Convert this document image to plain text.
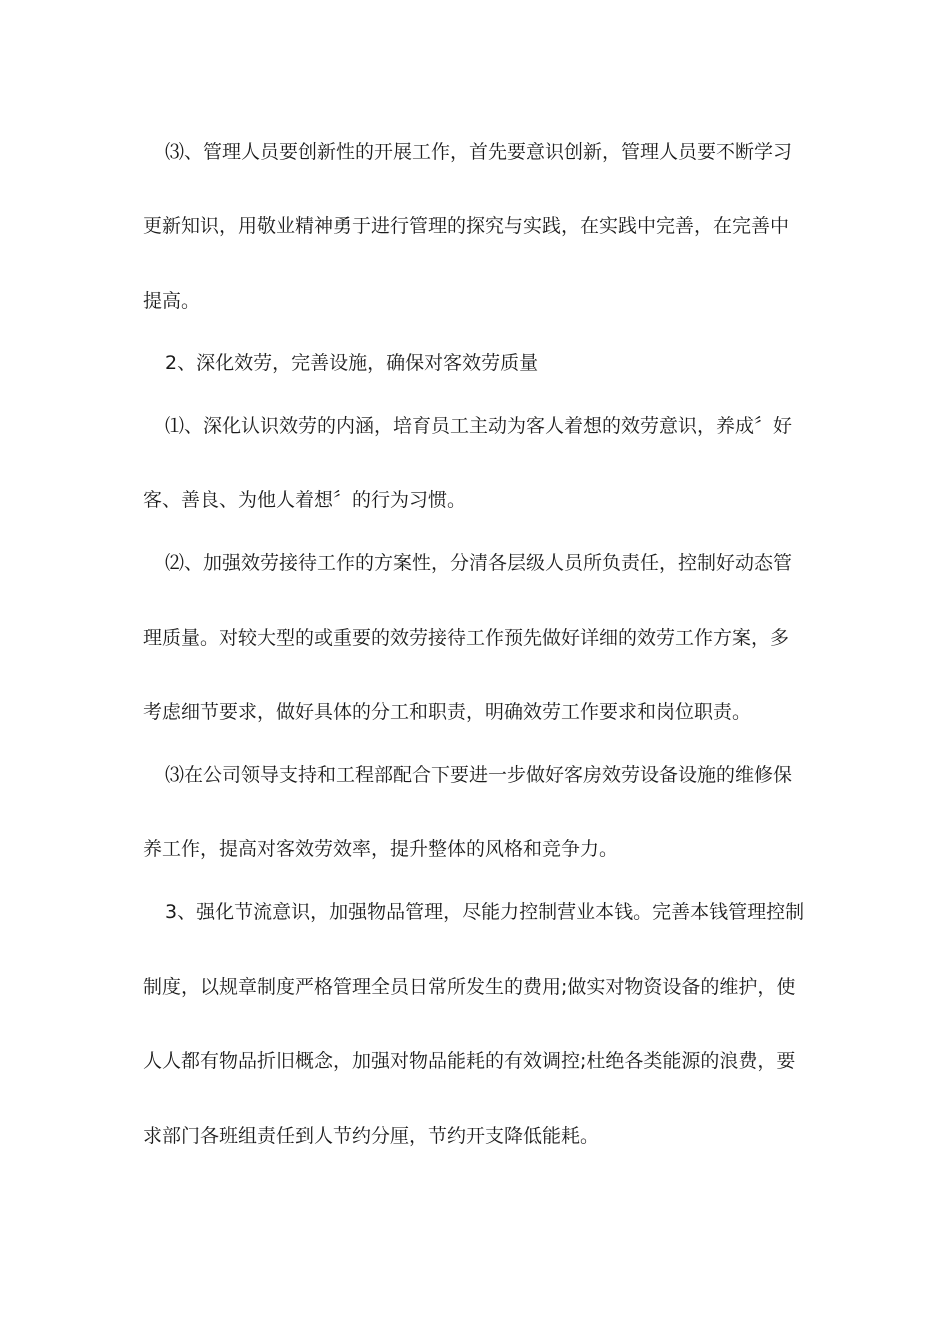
⑶、管理人员要创新性的开展工作，首先要意识创新，管理人员要不断学习
更新知识，用敬业精神勇于进行管理的探究与实践，在实践中完善，在完善中
提高。
2、深化效劳，完善设施，确保对客效劳质量
⑴、深化认识效劳的内涵，培育员工主动为客人着想的效劳意识，养成〞好
客、善良、为他人着想〞的行为习惯。
⑵、加强效劳接待工作的方案性，分清各层级人员所负责任，控制好动态管
理质量。对较大型的或重要的效劳接待工作预先做好详细的效劳工作方案，多
考虑细节要求，做好具体的分工和职责，明确效劳工作要求和岗位职责。
⑶在公司领导支持和工程部配合下要进一步做好客房效劳设备设施的维修保
养工作，提高对客效劳效率，提升整体的风格和竞争力。
3、强化节流意识，加强物品管理，尽能力控制营业本钱。完善本钱管理控制
制度，以规章制度严格管理全员日常所发生的费用;做实对物资设备的维护，使
人人都有物品折旧概念，加强对物品能耗的有效调控;杜绝各类能源的浪费，要
求部门各班组责任到人节约分厘，节约开支降低能耗。
